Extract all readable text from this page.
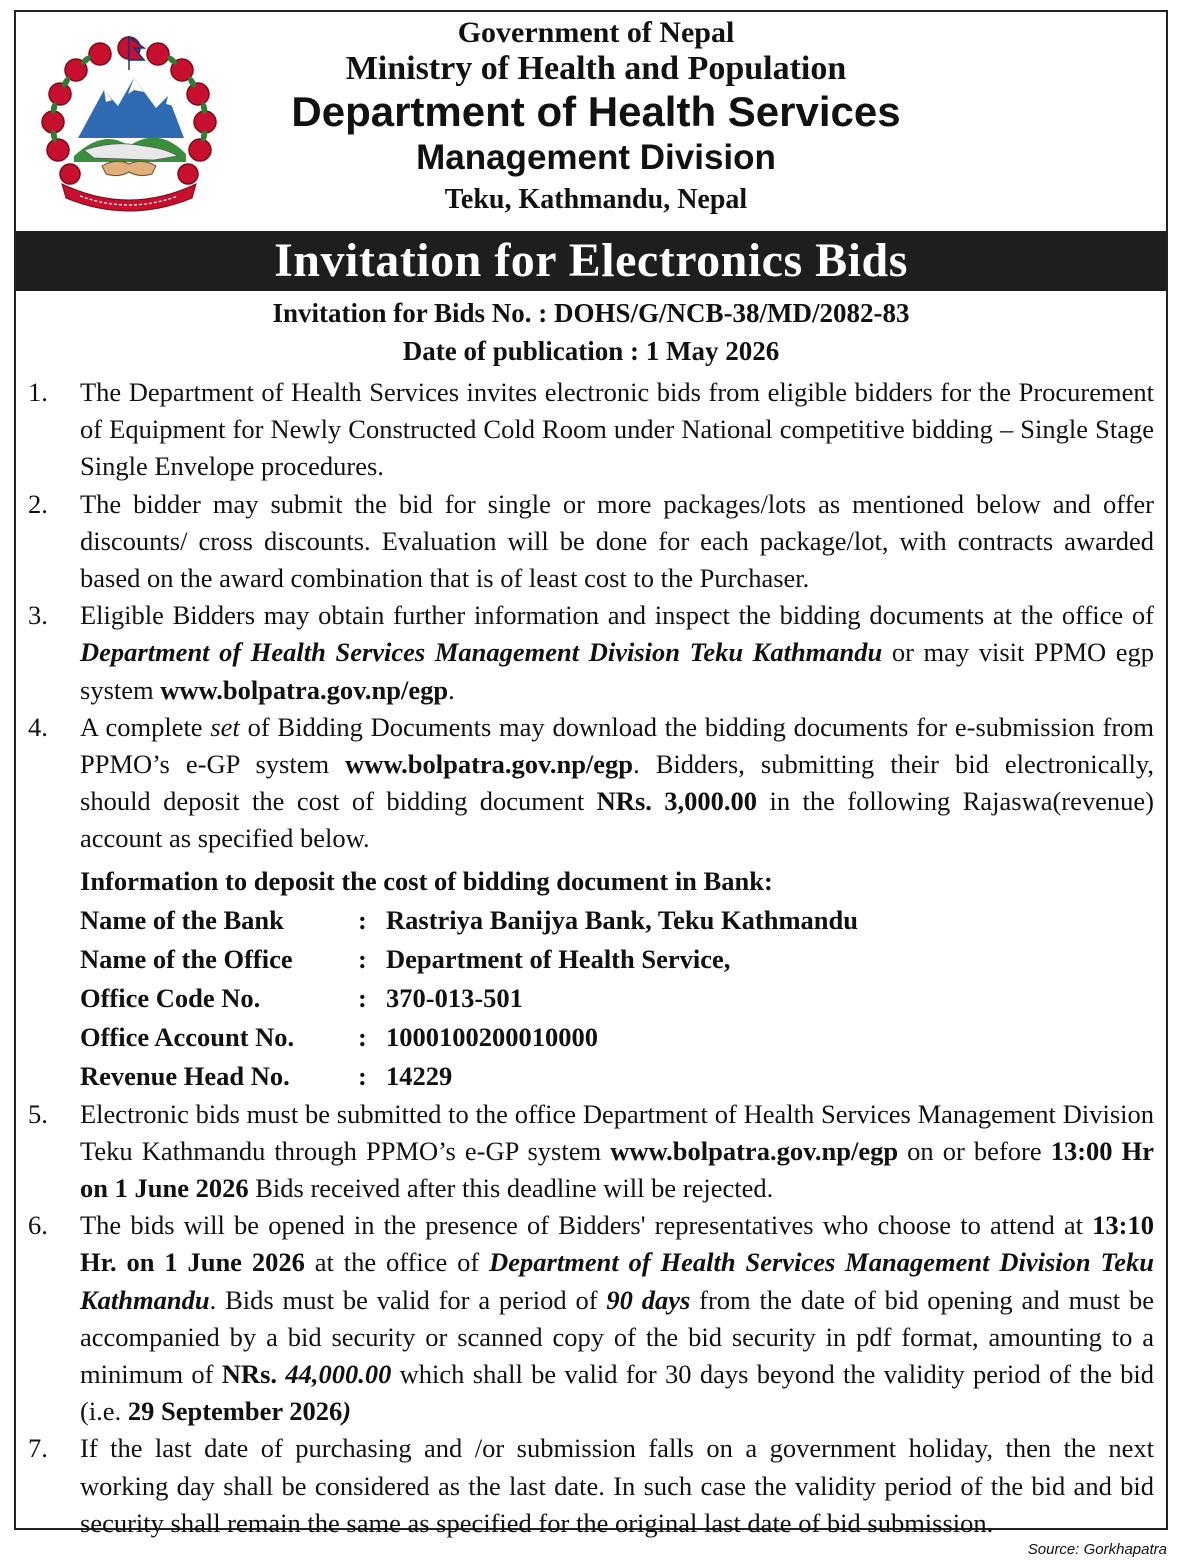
Government of Nepal
Ministry of Health and Population
Department of Health Services
Management Division
Teku, Kathmandu, Nepal
Invitation for Electronics Bids
Invitation for Bids No. : DOHS/G/NCB-38/MD/2082-83
Date of publication : 1 May 2026
1. The Department of Health Services invites electronic bids from eligible bidders for the Procurement of Equipment for Newly Constructed Cold Room under National competitive bidding – Single Stage Single Envelope procedures.
2. The bidder may submit the bid for single or more packages/lots as mentioned below and offer discounts/ cross discounts. Evaluation will be done for each package/lot, with contracts awarded based on the award combination that is of least cost to the Purchaser.
3. Eligible Bidders may obtain further information and inspect the bidding documents at the office of Department of Health Services Management Division Teku Kathmandu or may visit PPMO egp system www.bolpatra.gov.np/egp.
4. A complete set of Bidding Documents may download the bidding documents for e-submission from PPMO’s e-GP system www.bolpatra.gov.np/egp. Bidders, submitting their bid electronically, should deposit the cost of bidding document NRs. 3,000.00 in the following Rajaswa(revenue) account as specified below.
Information to deposit the cost of bidding document in Bank:
Name of the Bank	: Rastriya Banijya Bank, Teku Kathmandu
Name of the Office	: Department of Health Service,
Office Code No.	: 370-013-501
Office Account No.	: 1000100200010000
Revenue Head No.	: 14229
5. Electronic bids must be submitted to the office Department of Health Services Management Division Teku Kathmandu through PPMO’s e-GP system www.bolpatra.gov.np/egp on or before 13:00 Hr on 1 June 2026 Bids received after this deadline will be rejected.
6. The bids will be opened in the presence of Bidders' representatives who choose to attend at 13:10 Hr. on 1 June 2026 at the office of Department of Health Services Management Division Teku Kathmandu. Bids must be valid for a period of 90 days from the date of bid opening and must be accompanied by a bid security or scanned copy of the bid security in pdf format, amounting to a minimum of NRs. 44,000.00 which shall be valid for 30 days beyond the validity period of the bid (i.e. 29 September 2026)
7. If the last date of purchasing and /or submission falls on a government holiday, then the next working day shall be considered as the last date. In such case the validity period of the bid and bid security shall remain the same as specified for the original last date of bid submission.
Source: Gorkhapatra
